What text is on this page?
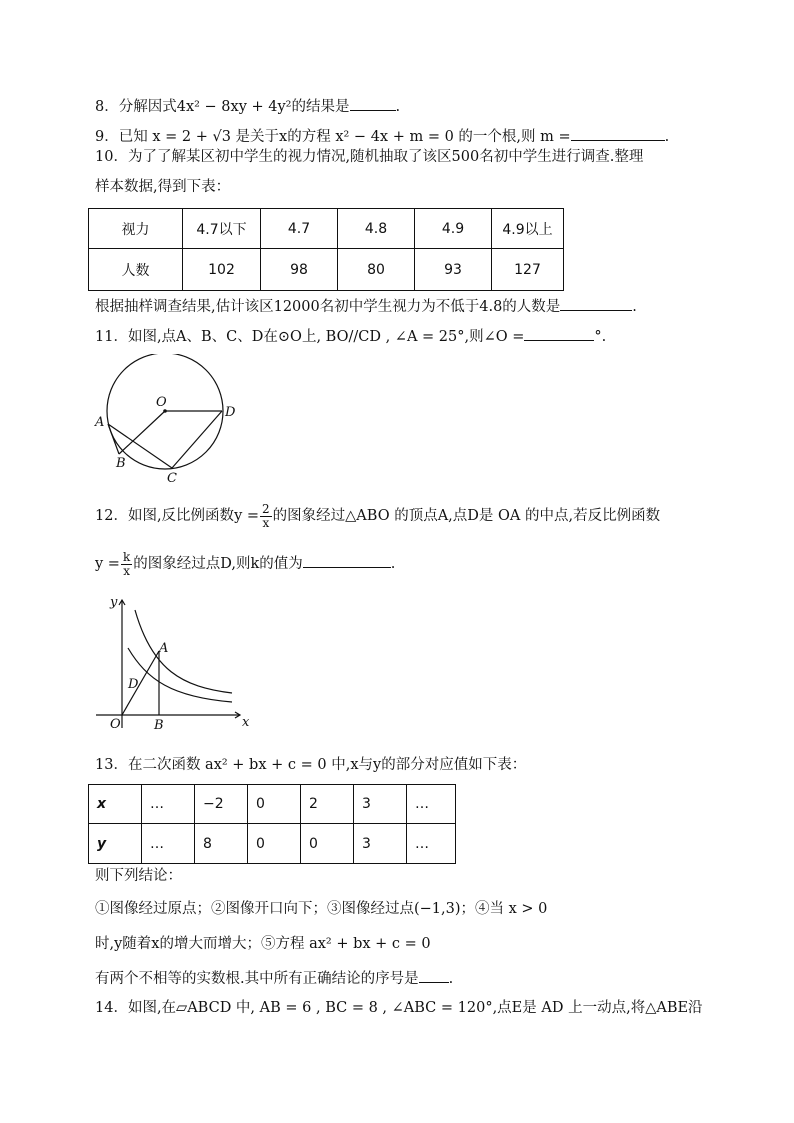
8．分解因式4x² − 8xy + 4y²的结果是	.
9．已知 x = 2 + √3 是关于x的方程 x² − 4x + m = 0 的一个根,则 m =	.
10．为了了解某区初中学生的视力情况,随机抽取了该区500名初中学生进行调查.整理
样本数据,得到下表：
视力	4.7以下	4.7	4.8	4.9	4.9以上
人数	102	98	80	93	127
根据抽样调查结果,估计该区12000名初中学生视力为不低于4.8的人数是	.
11．如图,点A、B、C、D在⊙O上, BO//CD , ∠A = 25°,则∠O =	°.
O
D
A
B
C
12．如图,反比例函数$y = \frac{2}{x}$ 的图象经过△ABO 的顶点A,点D是 OA 的中点,若反比例函数
$y = \frac{k}{x}$ 的图象经过点D,则k的值为	.
x
y
O
A
B
D
13．在二次函数 ax² + bx + c = 0 中,x与y的部分对应值如下表：
x	…	−2	0	2	3	…
y	…	8	0	0	3	…
则下列结论：
①图像经过原点；②图像开口向下；③图像经过点(−1,3)；④当 x > 0
时,y随着x的增大而增大；⑤方程 ax² + bx + c = 0
有两个不相等的实数根.其中所有正确结论的序号是 .
14．如图,在▱ABCD 中, AB = 6 , BC = 8 , ∠ABC = 120°,点E是 AD 上一动点,将△ABE沿
